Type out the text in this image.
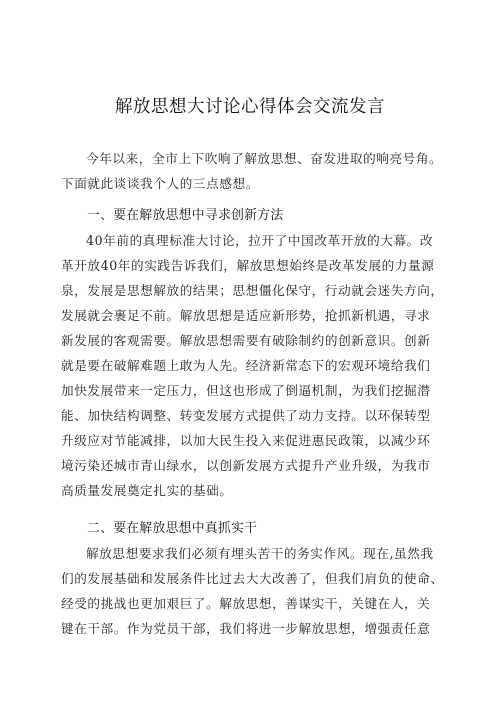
解放思想大讨论心得体会交流发言
今年以来，全市上下吹响了解放思想、奋发进取的响亮号角。
下面就此谈谈我个人的三点感想。
一、要在解放思想中寻求创新方法
40年前的真理标准大讨论，拉开了中国改革开放的大幕。改
革开放40年的实践告诉我们，解放思想始终是改革发展的力量源
泉，发展是思想解放的结果；思想僵化保守，行动就会迷失方向，
发展就会裹足不前。解放思想是适应新形势，抢抓新机遇，寻求
新发展的客观需要。解放思想需要有破除制约的创新意识。创新
就是要在破解难题上敢为人先。经济新常态下的宏观环境给我们
加快发展带来一定压力，但这也形成了倒逼机制，为我们挖掘潜
能、加快结构调整、转变发展方式提供了动力支持。以环保转型
升级应对节能减排，以加大民生投入来促进惠民政策，以减少环
境污染还城市青山绿水，以创新发展方式提升产业升级，为我市
高质量发展奠定扎实的基础。
二、要在解放思想中真抓实干
解放思想要求我们必须有埋头苦干的务实作风。现在,虽然我
们的发展基础和发展条件比过去大大改善了，但我们肩负的使命、
经受的挑战也更加艰巨了。解放思想，善谋实干，关键在人，关
键在干部。作为党员干部，我们将进一步解放思想，增强责任意
